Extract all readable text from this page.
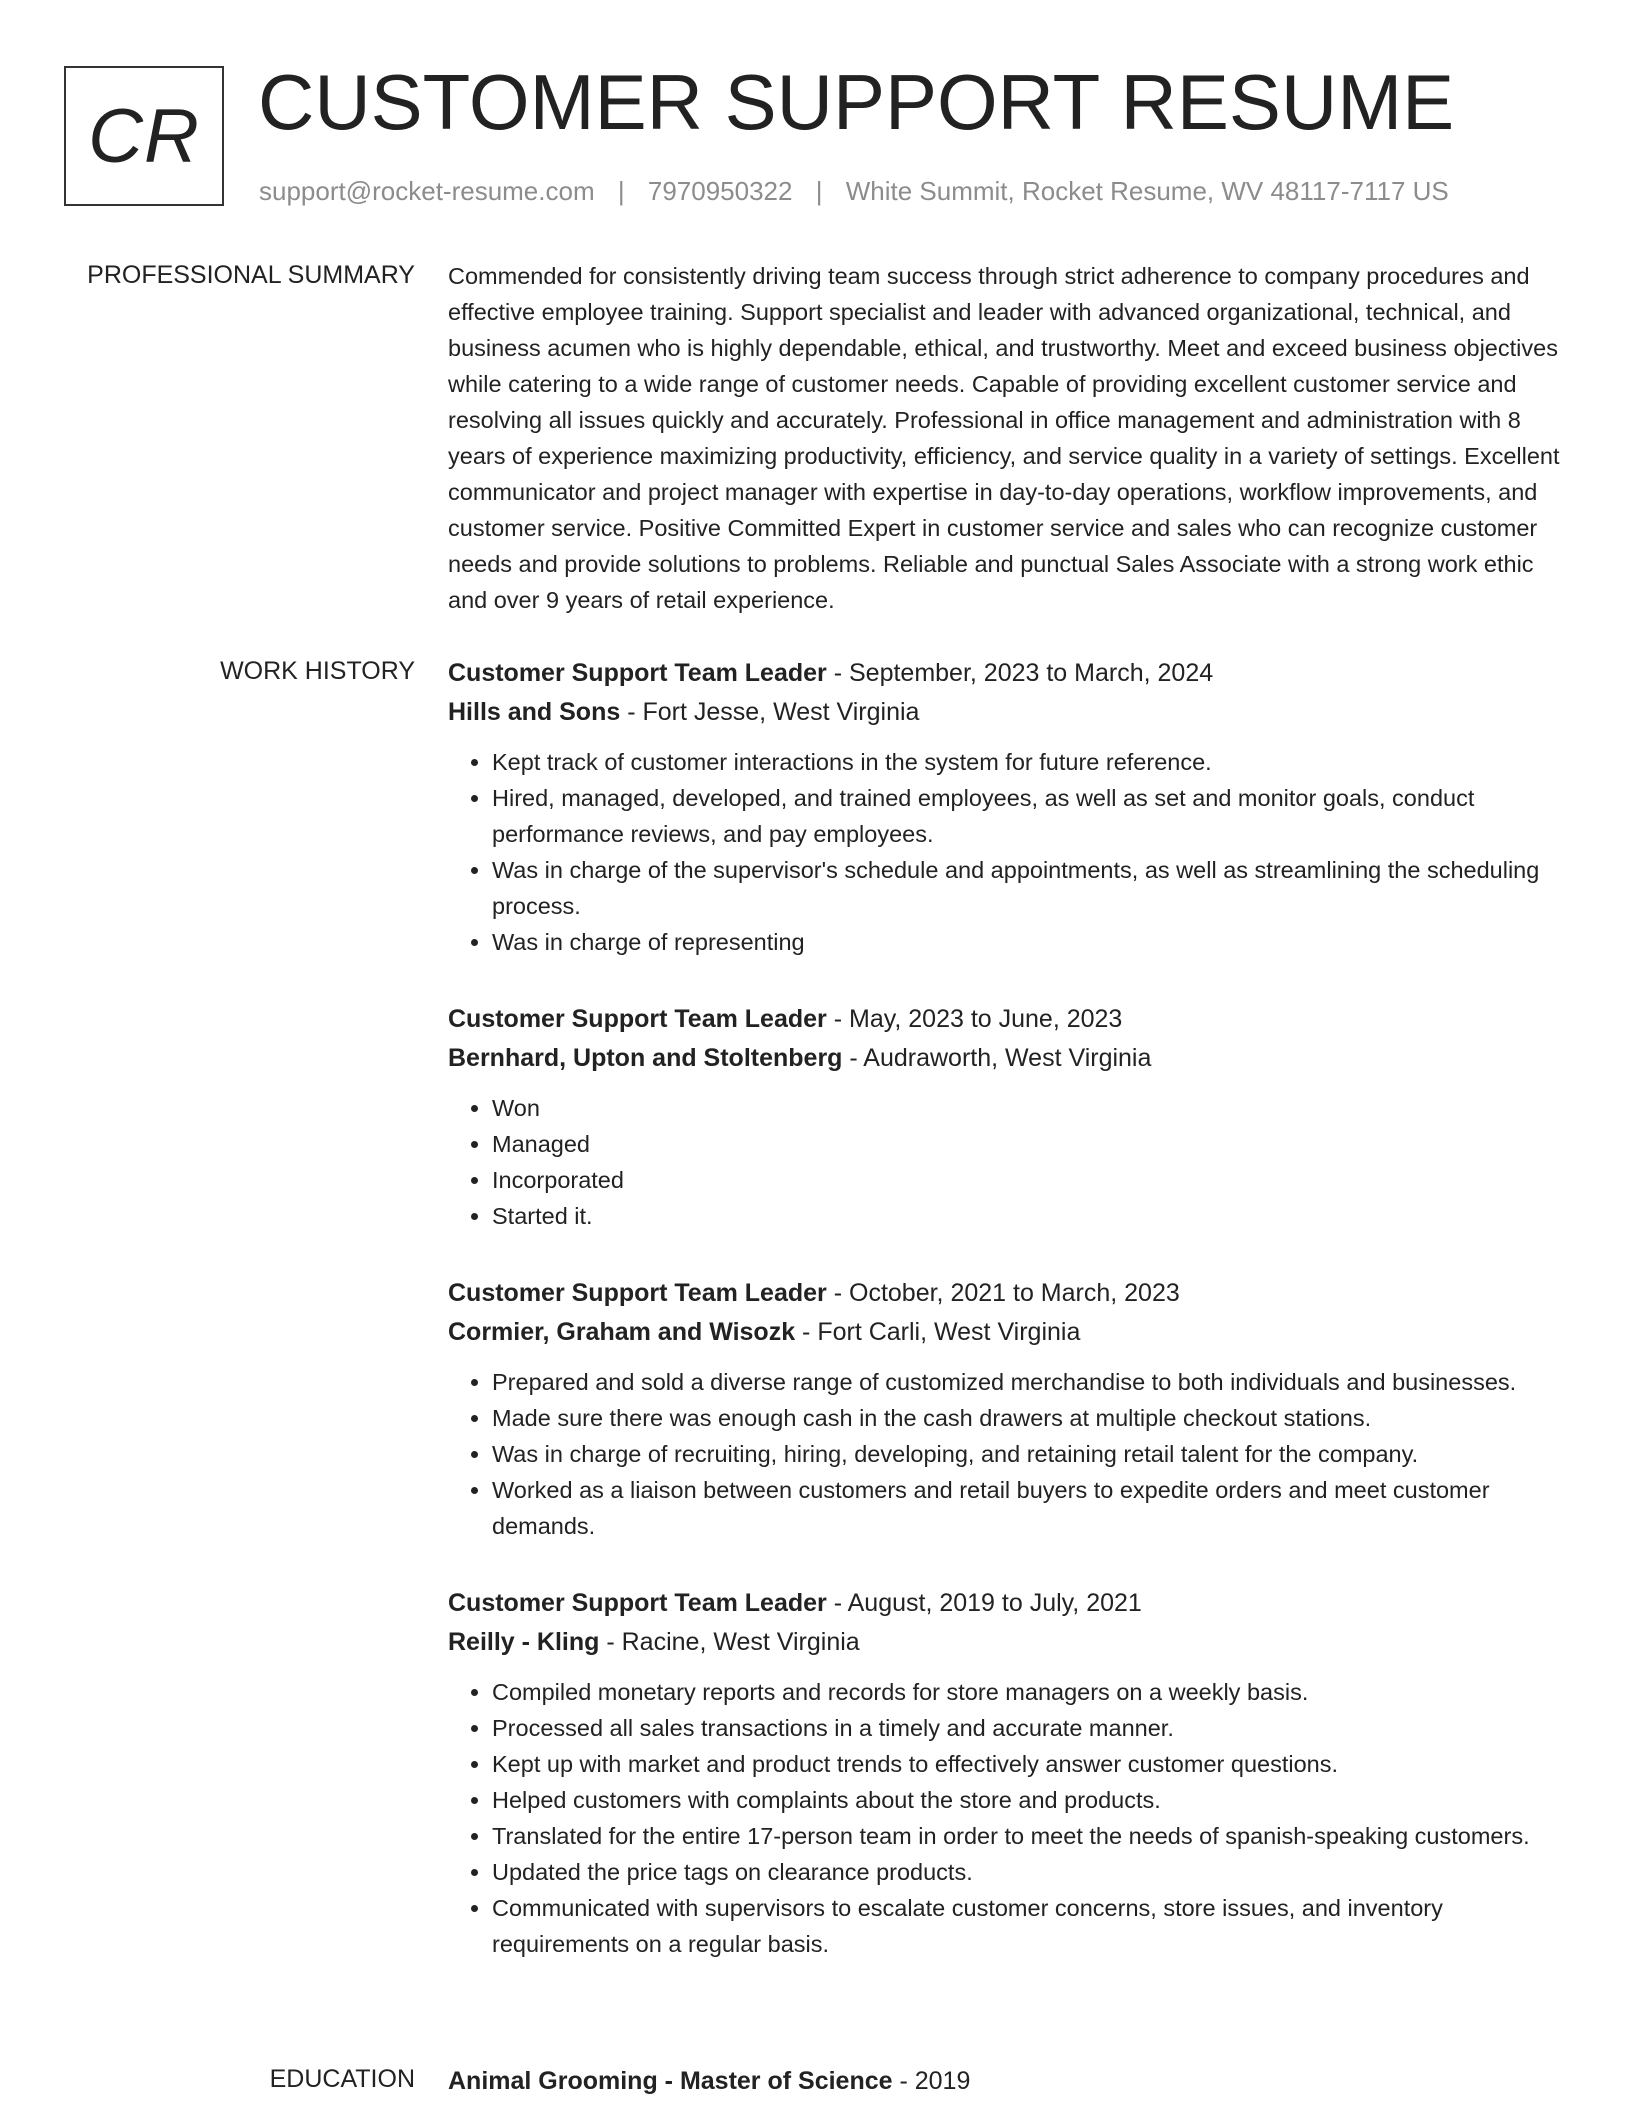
CR CUSTOMER SUPPORT RESUME
support@rocket-resume.com | 7970950322 | White Summit, Rocket Resume, WV 48117-7117 US
PROFESSIONAL SUMMARY Commended for consistently driving team success through strict adherence to company procedures and effective employee training. Support specialist and leader with advanced organizational, technical, and business acumen who is highly dependable, ethical, and trustworthy. Meet and exceed business objectives while catering to a wide range of customer needs. Capable of providing excellent customer service and resolving all issues quickly and accurately. Professional in office management and administration with 8 years of experience maximizing productivity, efficiency, and service quality in a variety of settings. Excellent communicator and project manager with expertise in day-to-day operations, workflow improvements, and customer service. Positive Committed Expert in customer service and sales who can recognize customer needs and provide solutions to problems. Reliable and punctual Sales Associate with a strong work ethic and over 9 years of retail experience.

WORK HISTORY Customer Support Team Leader - September, 2023 to March, 2024
Hills and Sons - Fort Jesse, West Virginia
• Kept track of customer interactions in the system for future reference.
• Hired, managed, developed, and trained employees, as well as set and monitor goals, conduct performance reviews, and pay employees.
• Was in charge of the supervisor's schedule and appointments, as well as streamlining the scheduling process.
• Was in charge of representing
Customer Support Team Leader - May, 2023 to June, 2023
Bernhard, Upton and Stoltenberg - Audraworth, West Virginia
• Won
• Managed
• Incorporated
• Started it.
Customer Support Team Leader - October, 2021 to March, 2023
Cormier, Graham and Wisozk - Fort Carli, West Virginia
• Prepared and sold a diverse range of customized merchandise to both individuals and businesses.
• Made sure there was enough cash in the cash drawers at multiple checkout stations.
• Was in charge of recruiting, hiring, developing, and retaining retail talent for the company.
• Worked as a liaison between customers and retail buyers to expedite orders and meet customer demands.
Customer Support Team Leader - August, 2019 to July, 2021
Reilly - Kling - Racine, West Virginia
• Compiled monetary reports and records for store managers on a weekly basis.
• Processed all sales transactions in a timely and accurate manner.
• Kept up with market and product trends to effectively answer customer questions.
• Helped customers with complaints about the store and products.
• Translated for the entire 17-person team in order to meet the needs of spanish-speaking customers.
• Updated the price tags on clearance products.
• Communicated with supervisors to escalate customer concerns, store issues, and inventory requirements on a regular basis.
EDUCATION Animal Grooming - Master of Science - 2019
